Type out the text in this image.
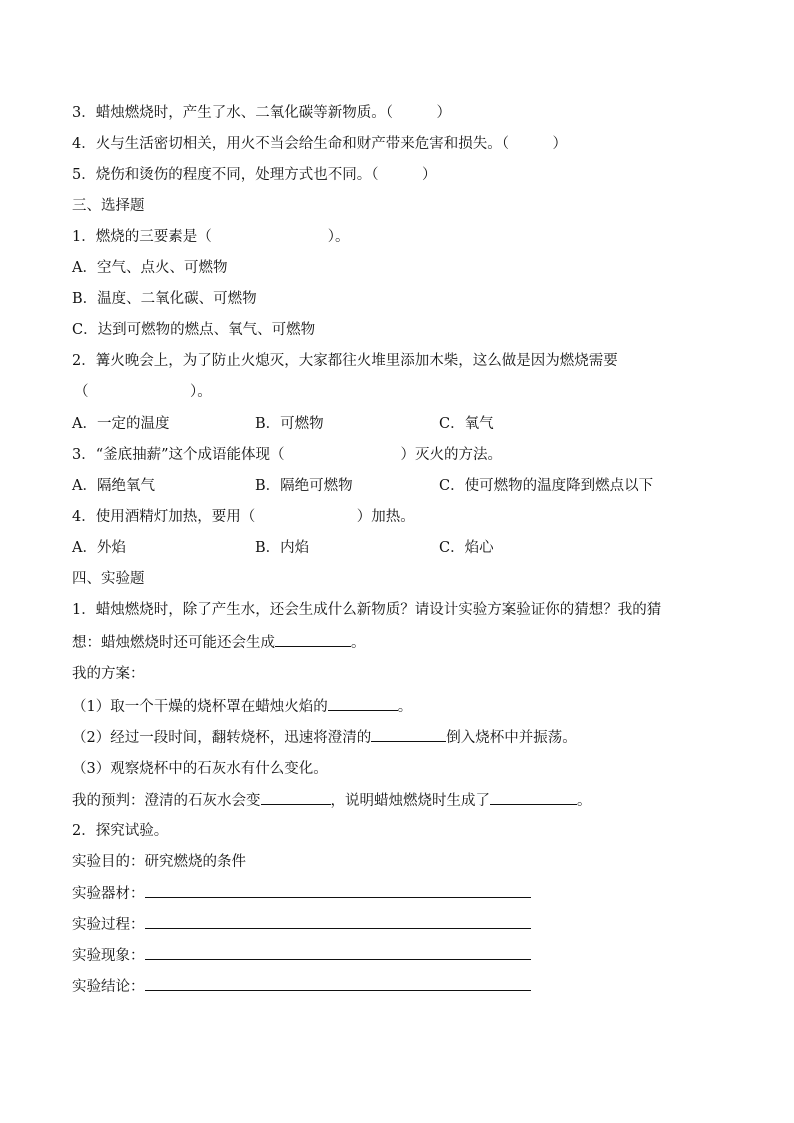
3．蜡烛燃烧时，产生了水、二氧化碳等新物质。（　　　）
4．火与生活密切相关，用火不当会给生命和财产带来危害和损失。（　　　）
5．烧伤和烫伤的程度不同，处理方式也不同。（　　　）
三、选择题
1．燃烧的三要素是（　　　　　　　　）。
A．空气、点火、可燃物
B．温度、二氧化碳、可燃物
C．达到可燃物的燃点、氧气、可燃物
2．篝火晚会上，为了防止火熄灭，大家都往火堆里添加木柴，这么做是因为燃烧需要
（　　　　　　　）。
A．一定的温度	B．可燃物	C．氧气
3．“釜底抽薪”这个成语能体现（　　　　　　　　）灭火的方法。
A．隔绝氧气	B．隔绝可燃物	C．使可燃物的温度降到燃点以下
4．使用酒精灯加热，要用（　　　　　　　）加热。
A．外焰	B．内焰	C．焰心
四、实验题
1．蜡烛燃烧时，除了产生水，还会生成什么新物质？请设计实验方案验证你的猜想？我的猜
想：蜡烛燃烧时还可能还会生成	。
我的方案：
（1）取一个干燥的烧杯罩在蜡烛火焰的	。
（2）经过一段时间，翻转烧杯，迅速将澄清的	倒入烧杯中并振荡。
（3）观察烧杯中的石灰水有什么变化。
我的预判：澄清的石灰水会变	，说明蜡烛燃烧时生成了	。
2．探究试验。
实验目的：研究燃烧的条件
实验器材：
实验过程：
实验现象：
实验结论：
